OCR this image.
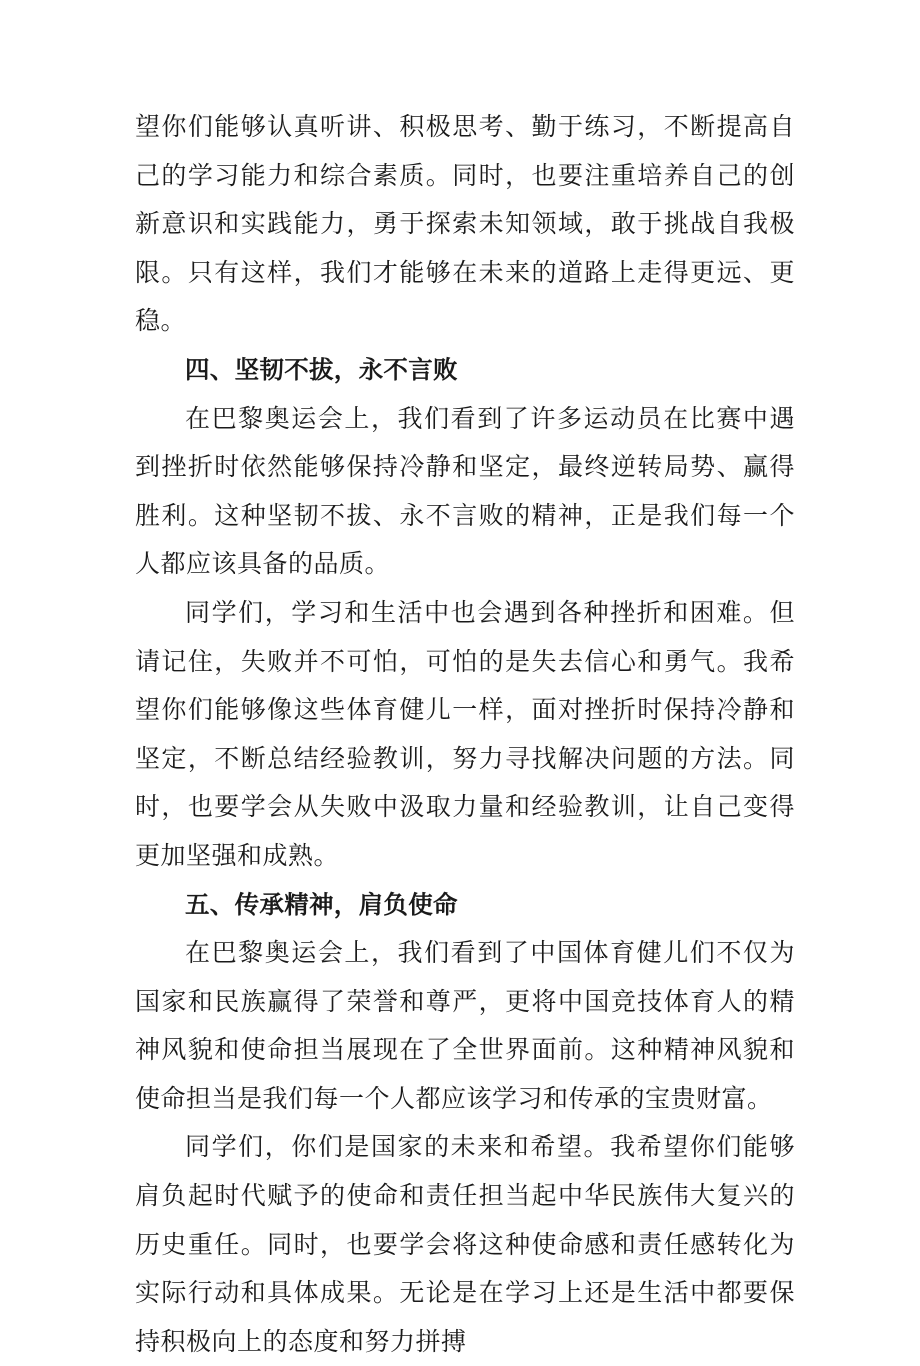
望你们能够认真听讲、积极思考、勤于练习，不断提高自己的学习能力和综合素质。同时，也要注重培养自己的创新意识和实践能力，勇于探索未知领域，敢于挑战自我极限。只有这样，我们才能够在未来的道路上走得更远、更稳。

四、坚韧不拔，永不言败

在巴黎奥运会上，我们看到了许多运动员在比赛中遇到挫折时依然能够保持冷静和坚定，最终逆转局势、赢得胜利。这种坚韧不拔、永不言败的精神，正是我们每一个人都应该具备的品质。

同学们，学习和生活中也会遇到各种挫折和困难。但请记住，失败并不可怕，可怕的是失去信心和勇气。我希望你们能够像这些体育健儿一样，面对挫折时保持冷静和坚定，不断总结经验教训，努力寻找解决问题的方法。同时，也要学会从失败中汲取力量和经验教训，让自己变得更加坚强和成熟。

五、传承精神，肩负使命

在巴黎奥运会上，我们看到了中国体育健儿们不仅为国家和民族赢得了荣誉和尊严，更将中国竞技体育人的精神风貌和使命担当展现在了全世界面前。这种精神风貌和使命担当是我们每一个人都应该学习和传承的宝贵财富。

同学们，你们是国家的未来和希望。我希望你们能够肩负起时代赋予的使命和责任担当起中华民族伟大复兴的历史重任。同时，也要学会将这种使命感和责任感转化为实际行动和具体成果。无论是在学习上还是生活中都要保持积极向上的态度和努力拼搏
